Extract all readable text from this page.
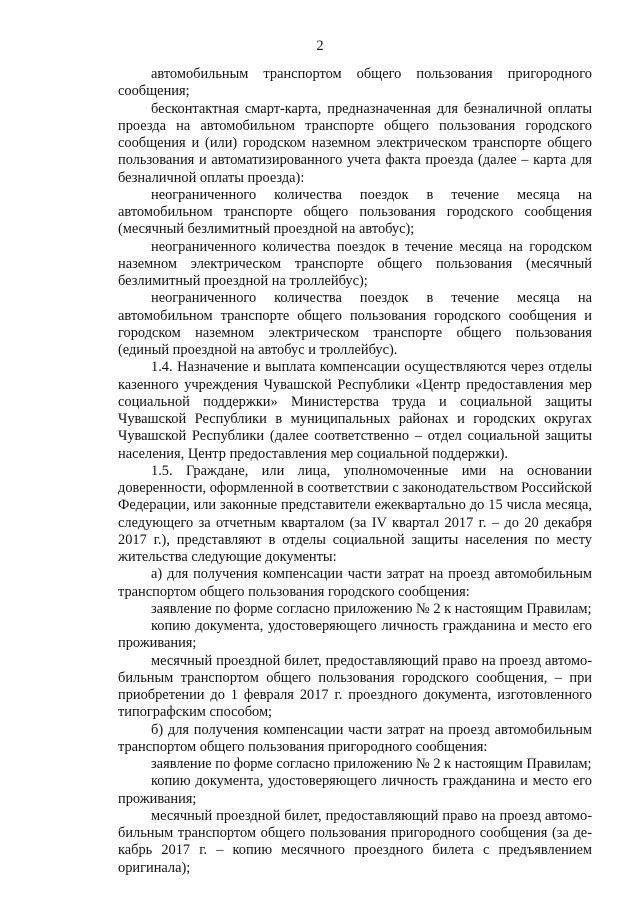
2

автомобильным транспортом общего пользования пригородного сообщения;

бесконтактная смарт-карта, предназначенная для безналичной оплаты проезда на автомобильном транспорте общего пользования городского сообщения и (или) городском наземном электрическом транспорте общего пользования и автоматизированного учета факта проезда (далее – карта для безналичной оплаты проезда):

неограниченного количества поездок в течение месяца на автомобильном транспорте общего пользования городского сообщения (месячный безлимитный проездной на автобус);

неограниченного количества поездок в течение месяца на городском наземном электрическом транспорте общего пользования (месячный безлимитный проездной на троллейбус);

неограниченного количества поездок в течение месяца на автомобильном транспорте общего пользования городского сообщения и городском наземном электрическом транспорте общего пользования (единый проездной на автобус и троллейбус).

1.4. Назначение и выплата компенсации осуществляются через отделы казенного учреждения Чувашской Республики «Центр предоставления мер социальной поддержки» Министерства труда и социальной защиты Чувашской Республики в муниципальных районах и городских округах Чувашской Республики (далее соответственно – отдел социальной защиты населения, Центр предоставления мер социальной поддержки).

1.5. Граждане, или лица, уполномоченные ими на основании доверенности, оформленной в соответствии с законодательством Российской Федерации, или законные представители ежеквартально до 15 числа месяца, следующего за отчетным кварталом (за IV квартал 2017 г. – до 20 декабря 2017 г.), представляют в отделы социальной защиты населения по месту жительства следующие документы:

а) для получения компенсации части затрат на проезд автомобильным транспортом общего пользования городского сообщения:

заявление по форме согласно приложению № 2 к настоящим Правилам;

копию документа, удостоверяющего личность гражданина и место его проживания;

месячный проездной билет, предоставляющий право на проезд автомобильным транспортом общего пользования городского сообщения, – при приобретении до 1 февраля 2017 г. проездного документа, изготовленного типографским способом;

б) для получения компенсации части затрат на проезд автомобильным транспортом общего пользования пригородного сообщения:

заявление по форме согласно приложению № 2 к настоящим Правилам;

копию документа, удостоверяющего личность гражданина и место его проживания;

месячный проездной билет, предоставляющий право на проезд автомобильным транспортом общего пользования пригородного сообщения (за декабрь 2017 г. – копию месячного проездного билета с предъявлением оригинала);
